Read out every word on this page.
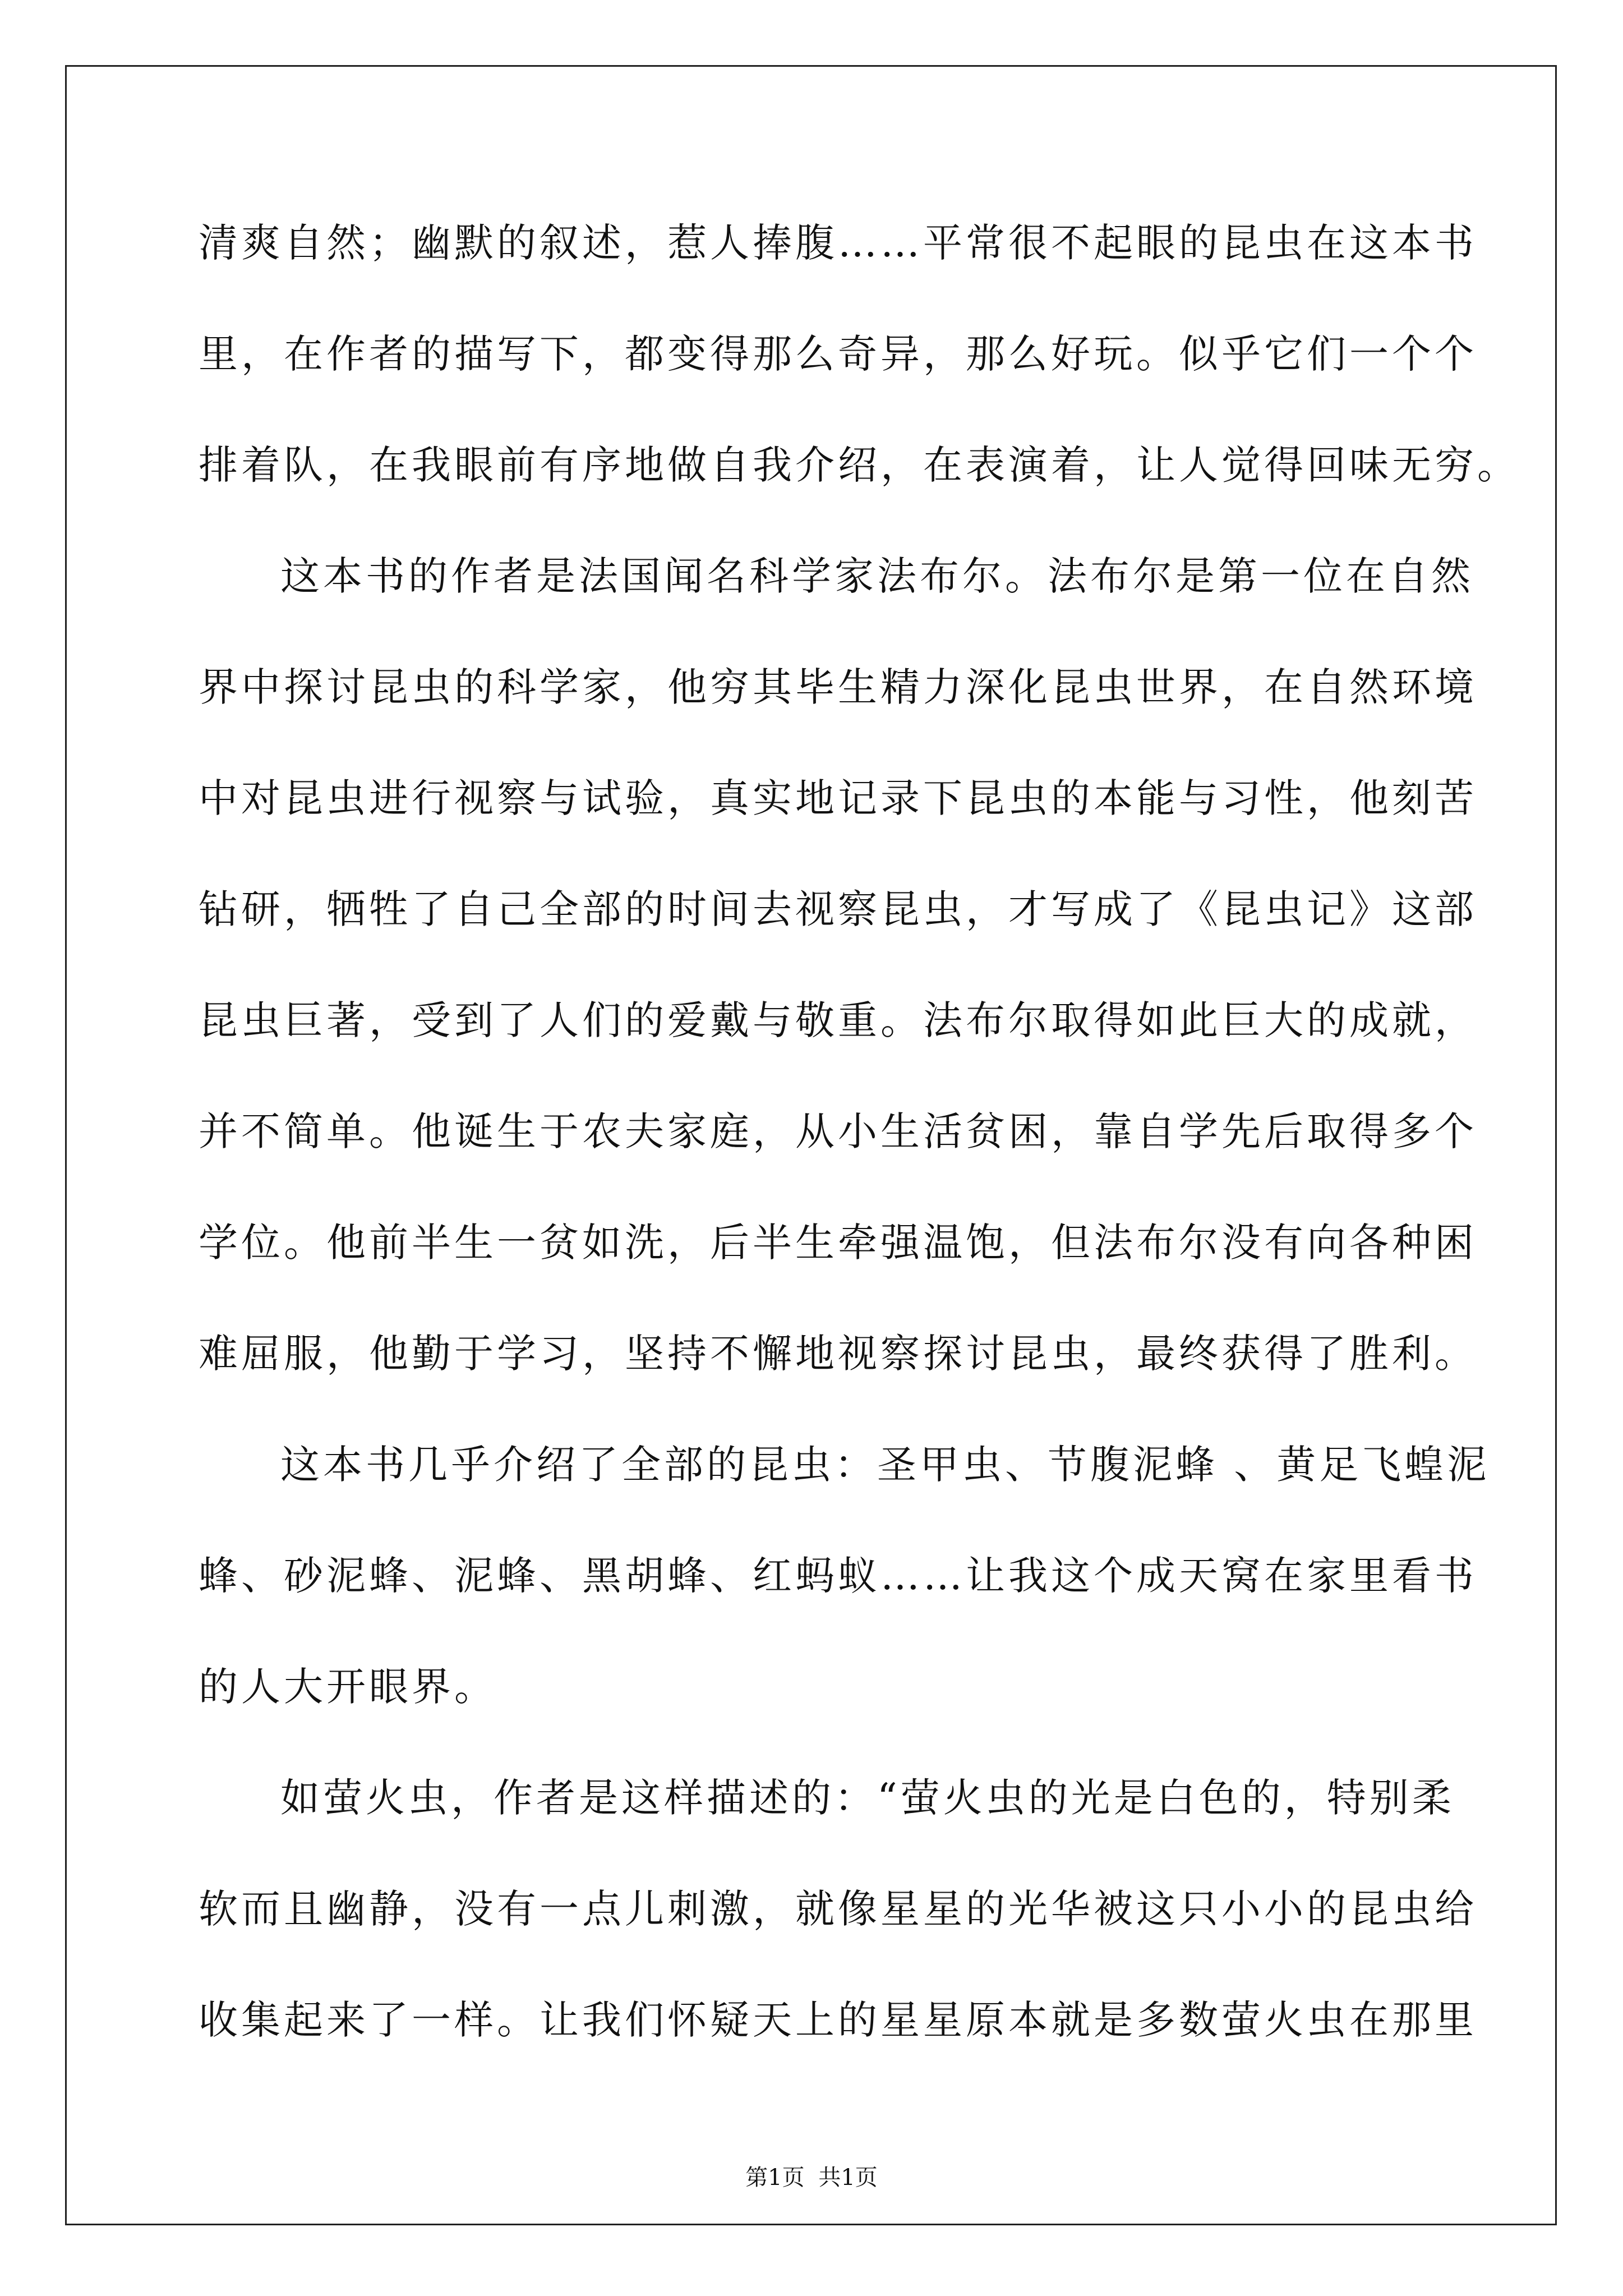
清爽自然；幽默的叙述，惹人捧腹……平常很不起眼的昆虫在这本书
里，在作者的描写下，都变得那么奇异，那么好玩。似乎它们一个个
排着队，在我眼前有序地做自我介绍，在表演着，让人觉得回味无穷。
这本书的作者是法国闻名科学家法布尔。法布尔是第一位在自然
界中探讨昆虫的科学家，他穷其毕生精力深化昆虫世界，在自然环境
中对昆虫进行视察与试验，真实地记录下昆虫的本能与习性，他刻苦
钻研，牺牲了自己全部的时间去视察昆虫，才写成了《昆虫记》这部
昆虫巨著，受到了人们的爱戴与敬重。法布尔取得如此巨大的成就，
并不简单。他诞生于农夫家庭，从小生活贫困，靠自学先后取得多个
学位。他前半生一贫如洗，后半生牵强温饱，但法布尔没有向各种困
难屈服，他勤于学习，坚持不懈地视察探讨昆虫，最终获得了胜利。
这本书几乎介绍了全部的昆虫：圣甲虫、节腹泥蜂 、黄足飞蝗泥
蜂、砂泥蜂、泥蜂、黑胡蜂、红蚂蚁……让我这个成天窝在家里看书
的人大开眼界。
如萤火虫，作者是这样描述的：“萤火虫的光是白色的，特别柔
软而且幽静，没有一点儿刺激，就像星星的光华被这只小小的昆虫给
收集起来了一样。让我们怀疑天上的星星原本就是多数萤火虫在那里
第1页 共1页
